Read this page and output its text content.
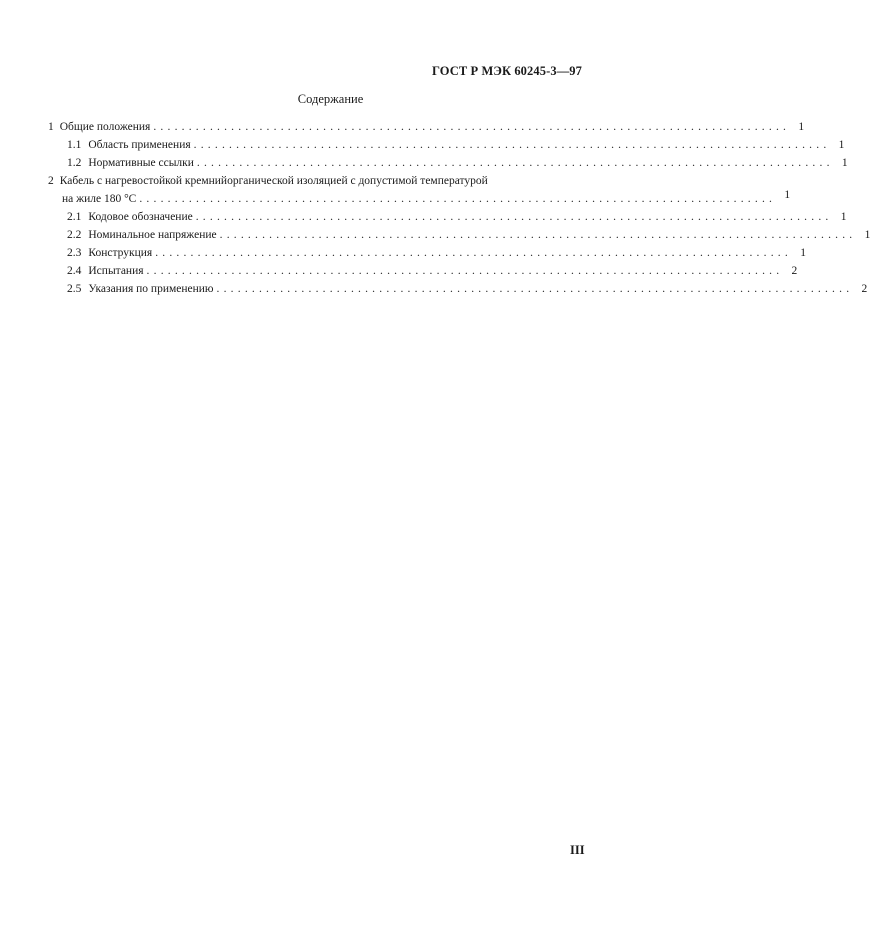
ГОСТ Р МЭК 60245-3—97
Содержание
1 Общие положения .......................................................................................... 1
1.1 Область применения .......................................................................................... 1
1.2 Нормативные ссылки .......................................................................................... 1
2 Кабель с нагревостойкой кремнийорганической изоляцией с допустимой температурой
на жиле 180 °С .......................................................................................... 1
2.1 Кодовое обозначение .......................................................................................... 1
2.2 Номинальное напряжение .......................................................................................... 1
2.3 Конструкция .......................................................................................... 1
2.4 Испытания .......................................................................................... 2
2.5 Указания по применению .......................................................................................... 2
III
